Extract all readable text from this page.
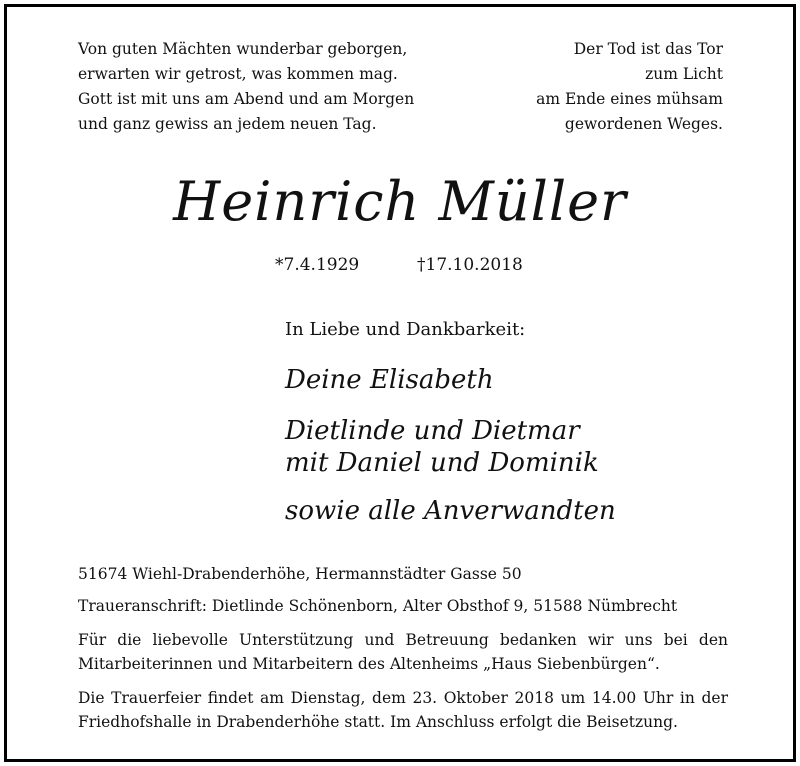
Von guten Mächten wunderbar geborgen,
erwarten wir getrost, was kommen mag.
Gott ist mit uns am Abend und am Morgen
und ganz gewiss an jedem neuen Tag.
Der Tod ist das Tor
zum Licht
am Ende eines mühsam
gewordenen Weges.
Heinrich Müller
*7.4.1929	†17.10.2018
In Liebe und Dankbarkeit:
Deine Elisabeth
Dietlinde und Dietmar
mit Daniel und Dominik
sowie alle Anverwandten
51674 Wiehl-Drabenderhöhe, Hermannstädter Gasse 50
Traueranschrift: Dietlinde Schönenborn, Alter Obsthof 9, 51588 Nümbrecht
Für die liebevolle Unterstützung und Betreuung bedanken wir uns bei den Mitarbeiterinnen und Mitarbeitern des Altenheims „Haus Siebenbürgen“.
Die Trauerfeier findet am Dienstag, dem 23. Oktober 2018 um 14.00 Uhr in der Friedhofshalle in Drabenderhöhe statt. Im Anschluss erfolgt die Beisetzung.
